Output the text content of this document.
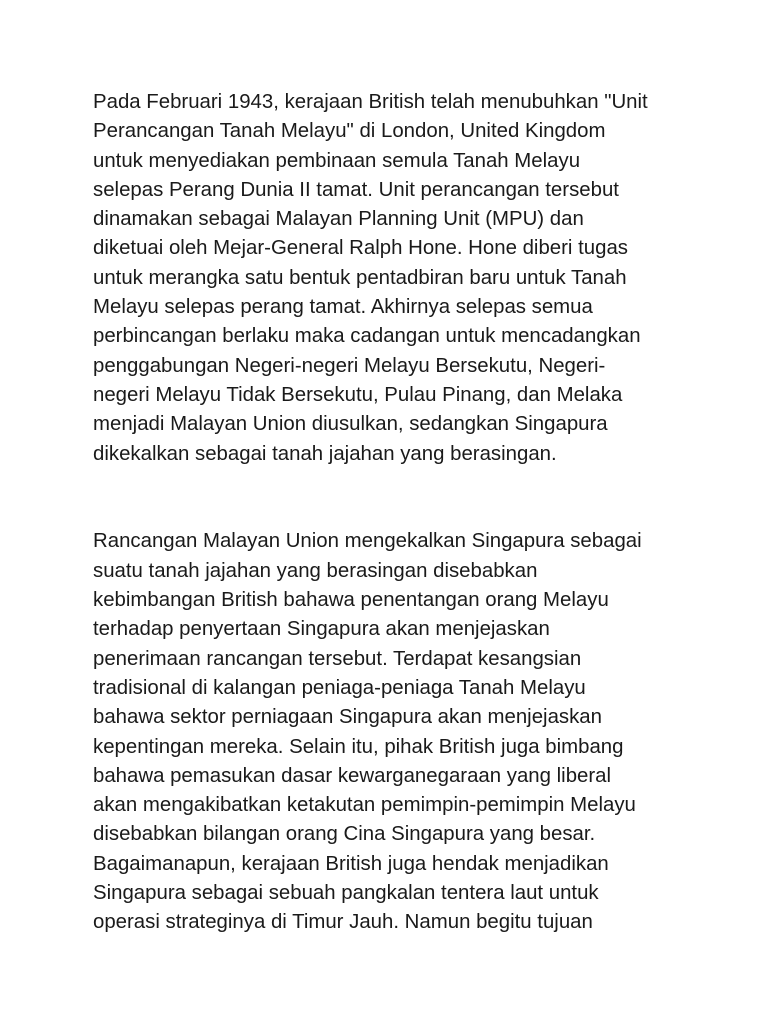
Pada Februari 1943, kerajaan British telah menubuhkan "Unit
Perancangan Tanah Melayu" di London, United Kingdom
untuk menyediakan pembinaan semula Tanah Melayu
selepas Perang Dunia II tamat. Unit perancangan tersebut
dinamakan sebagai Malayan Planning Unit (MPU) dan
diketuai oleh Mejar-General Ralph Hone. Hone diberi tugas
untuk merangka satu bentuk pentadbiran baru untuk Tanah
Melayu selepas perang tamat. Akhirnya selepas semua
perbincangan berlaku maka cadangan untuk mencadangkan
penggabungan Negeri-negeri Melayu Bersekutu, Negeri-
negeri Melayu Tidak Bersekutu, Pulau Pinang, dan Melaka
menjadi Malayan Union diusulkan, sedangkan Singapura
dikekalkan sebagai tanah jajahan yang berasingan.
Rancangan Malayan Union mengekalkan Singapura sebagai
suatu tanah jajahan yang berasingan disebabkan
kebimbangan British bahawa penentangan orang Melayu
terhadap penyertaan Singapura akan menjejaskan
penerimaan rancangan tersebut. Terdapat kesangsian
tradisional di kalangan peniaga-peniaga Tanah Melayu
bahawa sektor perniagaan Singapura akan menjejaskan
kepentingan mereka. Selain itu, pihak British juga bimbang
bahawa pemasukan dasar kewarganegaraan yang liberal
akan mengakibatkan ketakutan pemimpin-pemimpin Melayu
disebabkan bilangan orang Cina Singapura yang besar.
Bagaimanapun, kerajaan British juga hendak menjadikan
Singapura sebagai sebuah pangkalan tentera laut untuk
operasi strateginya di Timur Jauh. Namun begitu tujuan
